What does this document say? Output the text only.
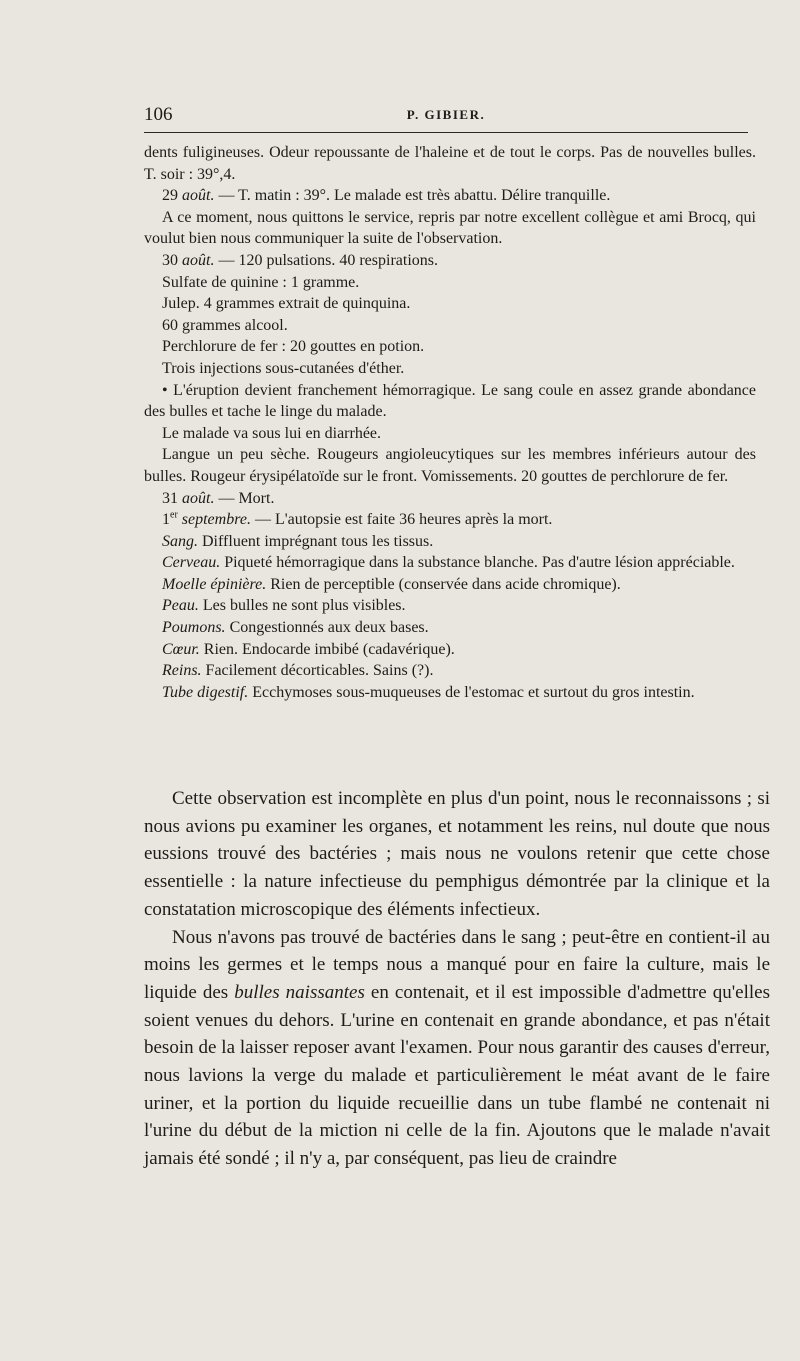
106	P. GIBIER.

dents fuligineuses. Odeur repoussante de l'haleine et de tout le corps. Pas de nouvelles bulles. T. soir : 39°,4.

29 août. — T. matin : 39°. Le malade est très abattu. Délire tranquille.

A ce moment, nous quittons le service, repris par notre excellent collègue et ami Brocq, qui voulut bien nous communiquer la suite de l'observation.

30 août. — 120 pulsations. 40 respirations.

Sulfate de quinine : 1 gramme.

Julep. 4 grammes extrait de quinquina.

60 grammes alcool.

Perchlorure de fer : 20 gouttes en potion.

Trois injections sous-cutanées d'éther.

• L'éruption devient franchement hémorragique. Le sang coule en assez grande abondance des bulles et tache le linge du malade.

Le malade va sous lui en diarrhée.

Langue un peu sèche. Rougeurs angioleucytiques sur les membres inférieurs autour des bulles. Rougeur érysipélatoïde sur le front. Vomissements. 20 gouttes de perchlorure de fer.

31 août. — Mort.

1er septembre. — L'autopsie est faite 36 heures après la mort.

Sang. Diffluent imprégnant tous les tissus.

Cerveau. Piqueté hémorragique dans la substance blanche. Pas d'autre lésion appréciable.

Moelle épinière. Rien de perceptible (conservée dans acide chromique).

Peau. Les bulles ne sont plus visibles.

Poumons. Congestionnés aux deux bases.

Cœur. Rien. Endocarde imbibé (cadavérique).

Reins. Facilement décorticables. Sains (?).

Tube digestif. Ecchymoses sous-muqueuses de l'estomac et surtout du gros intestin.

Cette observation est incomplète en plus d'un point, nous le reconnaissons ; si nous avions pu examiner les organes, et notamment les reins, nul doute que nous eussions trouvé des bactéries ; mais nous ne voulons retenir que cette chose essentielle : la nature infectieuse du pemphigus démontrée par la clinique et la constatation microscopique des éléments infectieux.

Nous n'avons pas trouvé de bactéries dans le sang ; peut-être en contient-il au moins les germes et le temps nous a manqué pour en faire la culture, mais le liquide des bulles naissantes en contenait, et il est impossible d'admettre qu'elles soient venues du dehors. L'urine en contenait en grande abondance, et pas n'était besoin de la laisser reposer avant l'examen. Pour nous garantir des causes d'erreur, nous lavions la verge du malade et particulièrement le méat avant de le faire uriner, et la portion du liquide recueillie dans un tube flambé ne contenait ni l'urine du début de la miction ni celle de la fin. Ajoutons que le malade n'avait jamais été sondé ; il n'y a, par conséquent, pas lieu de craindre
